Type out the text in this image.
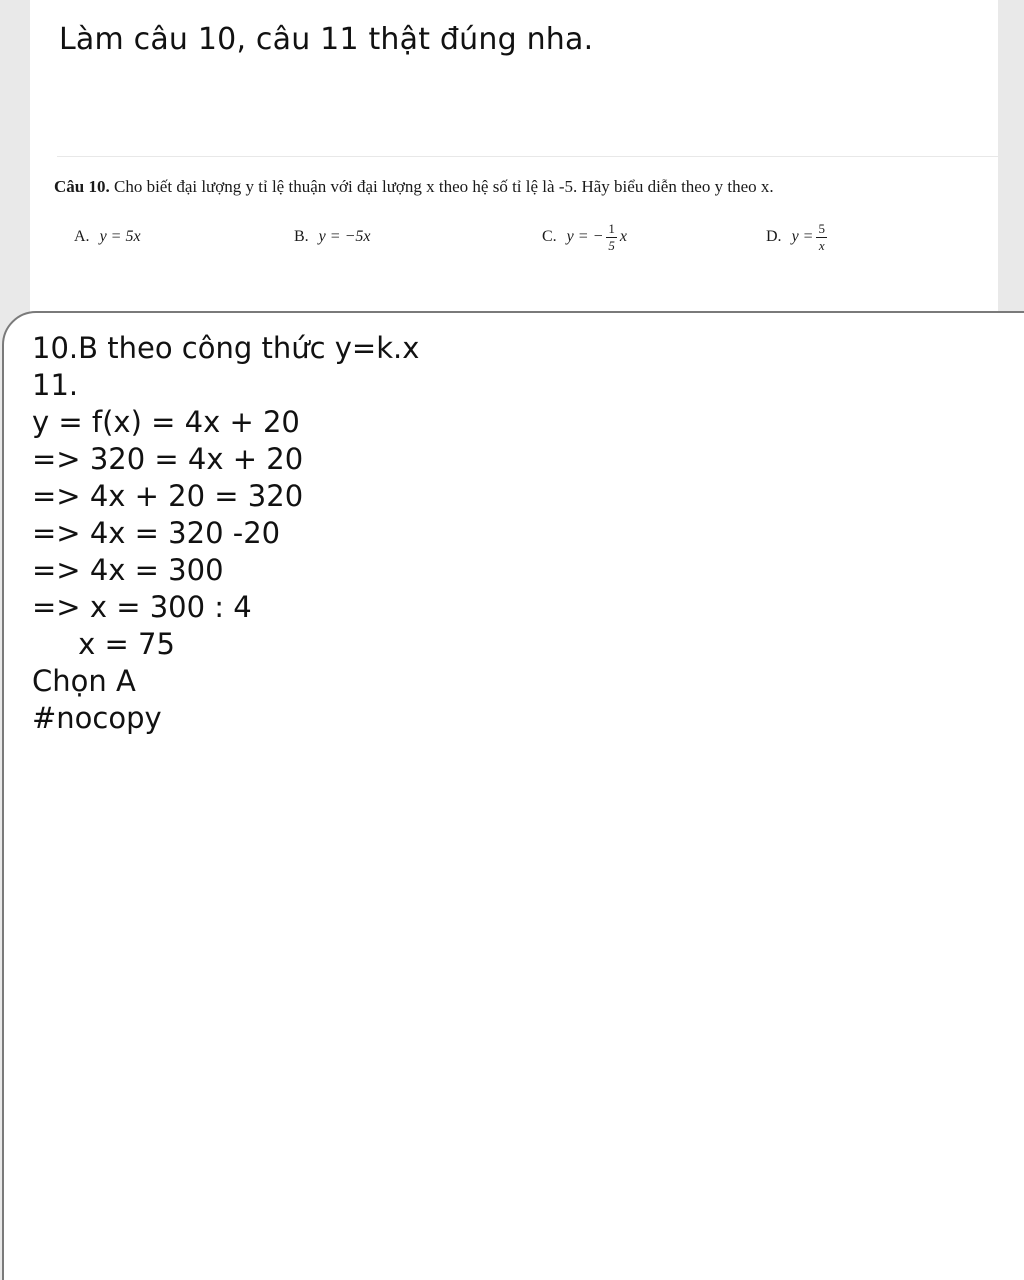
Làm câu 10, câu 11 thật đúng nha.

Câu 10. Cho biết đại lượng y tỉ lệ thuận với đại lượng x theo hệ số tỉ lệ là -5. Hãy biểu diễn theo y theo x.

A. y = 5x	B. y = −5x	C. y = − $\frac{1}{5}$ x	D. $y = \frac{5}{x}$
10.B theo công thức y=k.x
11.
y = f(x) = 4x + 20
=> 320 = 4x + 20
=> 4x + 20 = 320
=> 4x = 320 -20
=> 4x = 300
=> x = 300 : 4
x = 75
Chọn A
#nocopy
